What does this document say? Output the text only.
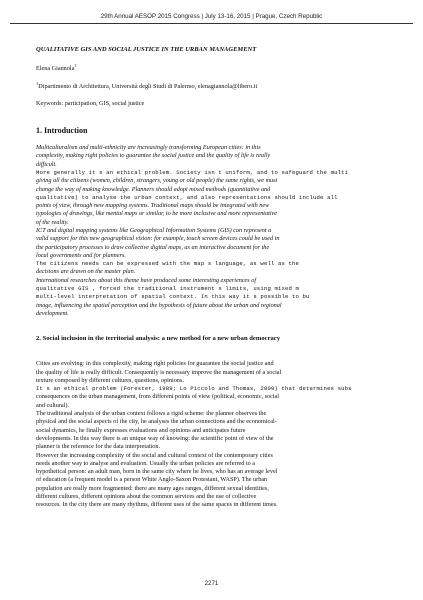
29th Annual AESOP 2015 Congress | July 13-16, 2015 | Prague, Czech Republic
QUALITATIVE GIS AND SOCIAL JUSTICE IN THE URBAN MANAGEMENT
Elena Giannola$^1$
$^1$Dipartimento di Architettura, Università degli Studi di Palermo, elenagiannola@libero.it
Keywords: participation, GIS, social justice
1. Introduction
Multiculturalism and multi-ethnicity are increasingly transforming European cities: in this
complexity, making right policies to guarantee the social justice and the quality of life is really
difficult.
More generally it s an ethical problem. Society isn t uniform, and to safeguard the multi
giving all the citizens (women, children, strangers, young or old people) the same rights, we must
change the way of making knowledge. Planners should adopt mixed methods (quantitative and
qualitative) to analyse the urban context, and also representations should include all
points of view, through new mapping systems. Traditional maps should be integrated with new
typologies of drawings, like mental maps or similar, to be more inclusive and more representative
of the reality.
ICT and digital mapping systems like Geographical Information Systems (GIS) can represent a
valid support for this new geographical vision: for example, touch screen devices could be used in
the participatory processes to draw collective digital maps, as an interactive document for the
local governments and for planners.
The citizens needs can be expressed with the map s language, as well as the
decisions are drawn on the master plan.
International researches about this theme have produced some interesting experiences of
qualitative GIS , forced the traditional instrument s limits, using mixed m
multi-level interpretation of spatial context. In this way it s possible to bu
image, influencing the spatial perception and the hypothesis of future about the urban and regional
development.
2. Social inclusion in the territorial analysis: a new method for a new urban democracy
Cities are evolving: in this complexity, making right policies for guarantee the social justice and
the quality of life is really difficult. Consequently is necessary improve the management of a social
texture composed by different cultures, questions, opinions.
It s an ethical problem (Forester, 1989; Lo Piccolo and Thomas, 2009) that determines subs
consequences on the urban management, from different points of view (political, economic, social
and cultural).
The traditional analysis of the urban context follows a rigid scheme: the planner observes the
physical and the social aspects of the city, he analyses the urban connections and the economical-
social dynamics, he finally expresses evaluations and opinions and anticipates future
developments. In this way there is an unique way of knowing: the scientific point of view of the
planner is the reference for the data interpretation.
However the increasing complexity of the social and cultural context of the contemporary cities
needs another way to analyse and evaluation. Usually the urban policies are referred to a
hypothetical person: an adult man, born in the same city where he lives, who has an average level
of education (a frequent model is a person White Anglo-Saxon Protestant, WASP). The urban
population are really more fragmented: there are many ages ranges, different sexual identities,
different cultures, different opinions about the common services and the use of collective
resources. In the city there are many rhythms, different uses of the same spaces in different times.
2271
